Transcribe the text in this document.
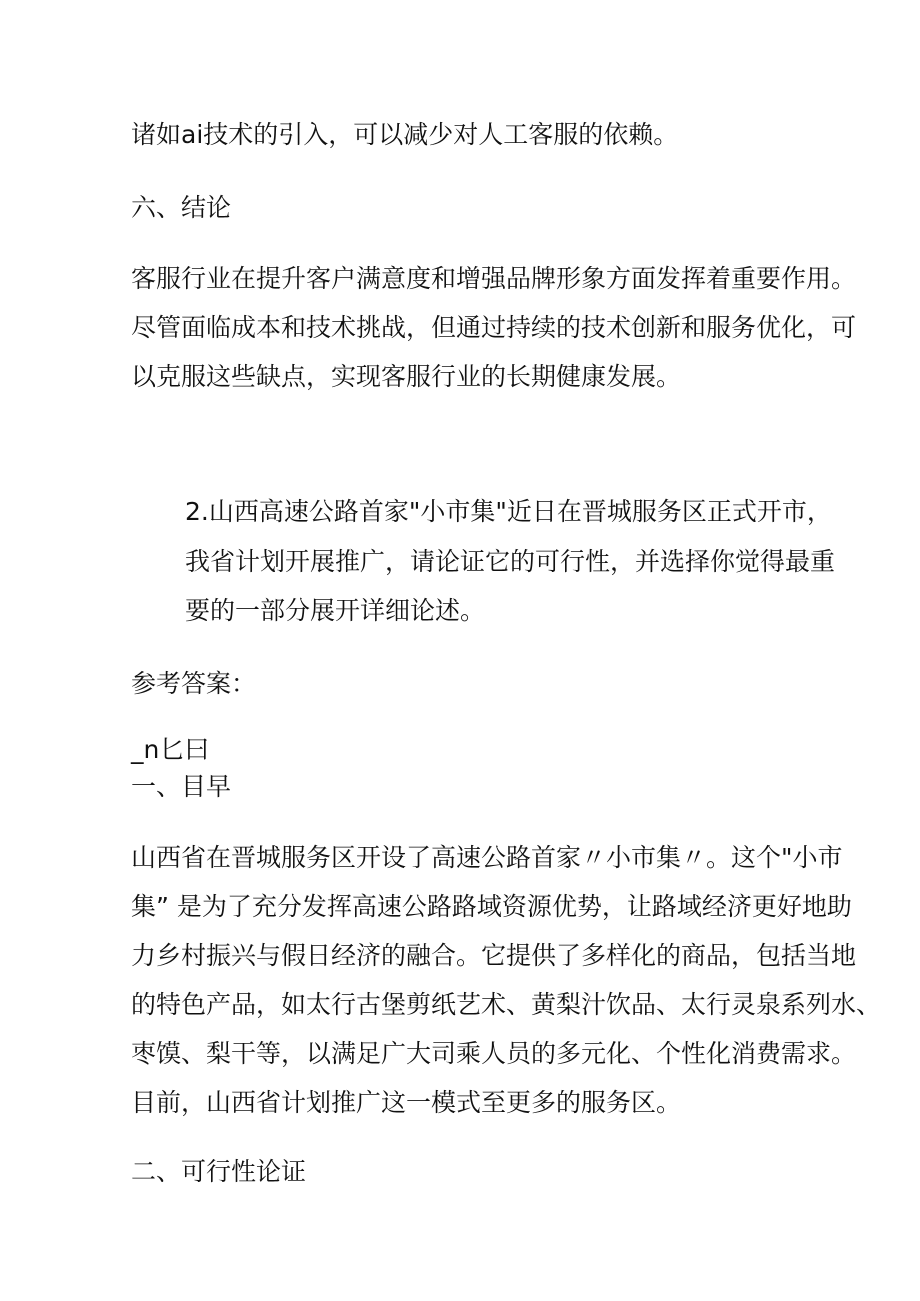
诸如ai技术的引入，可以减少对人工客服的依赖。
六、结论
客服行业在提升客户满意度和增强品牌形象方面发挥着重要作用。
尽管面临成本和技术挑战，但通过持续的技术创新和服务优化，可
以克服这些缺点，实现客服行业的长期健康发展。
2.山西高速公路首家"小市集"近日在晋城服务区正式开市，
我省计划开展推广，请论证它的可行性，并选择你觉得最重
要的一部分展开详细论述。
参考答案：
_n匕曰
一、目早
山西省在晋城服务区开设了高速公路首家〃小市集〃。这个"小市
集” 是为了充分发挥高速公路路域资源优势，让路域经济更好地助
力乡村振兴与假日经济的融合。它提供了多样化的商品，包括当地
的特色产品，如太行古堡剪纸艺术、黄梨汁饮品、太行灵泉系列水、
枣馍、梨干等，以满足广大司乘人员的多元化、个性化消费需求。
目前，山西省计划推广这一模式至更多的服务区。
二、可行性论证
